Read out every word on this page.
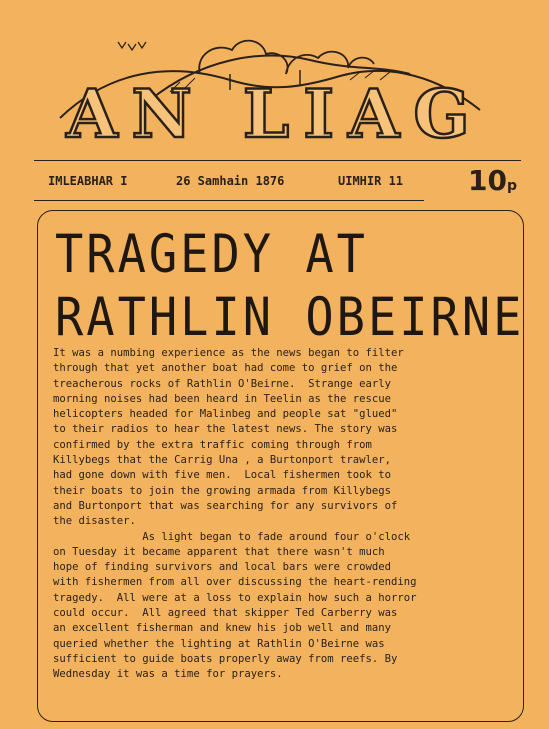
AN LIAG
IMLEABHAR I	26 Samhain 1876	UIMHIR 11 10p
TRAGEDY AT
RATHLIN OBEIRNE

It was a numbing experience as the news began to filter

through that yet another boat had come to grief on the

treacherous rocks of Rathlin O'Beirne.  Strange early

morning noises had been heard in Teelin as the rescue

helicopters headed for Malinbeg and people sat "glued"

to their radios to hear the latest news. The story was

confirmed by the extra traffic coming through from

Killybegs that the Carrig Una , a Burtonport trawler,

had gone down with five men.  Local fishermen took to

their boats to join the growing armada from Killybegs

and Burtonport that was searching for any survivors of

the disaster.

As light began to fade around four o'clock

on Tuesday it became apparent that there wasn't much

hope of finding survivors and local bars were crowded

with fishermen from all over discussing the heart-rending

tragedy.  All were at a loss to explain how such a horror

could occur.  All agreed that skipper Ted Carberry was

an excellent fisherman and knew his job well and many

queried whether the lighting at Rathlin O'Beirne was

sufficient to guide boats properly away from reefs. By

Wednesday it was a time for prayers.
